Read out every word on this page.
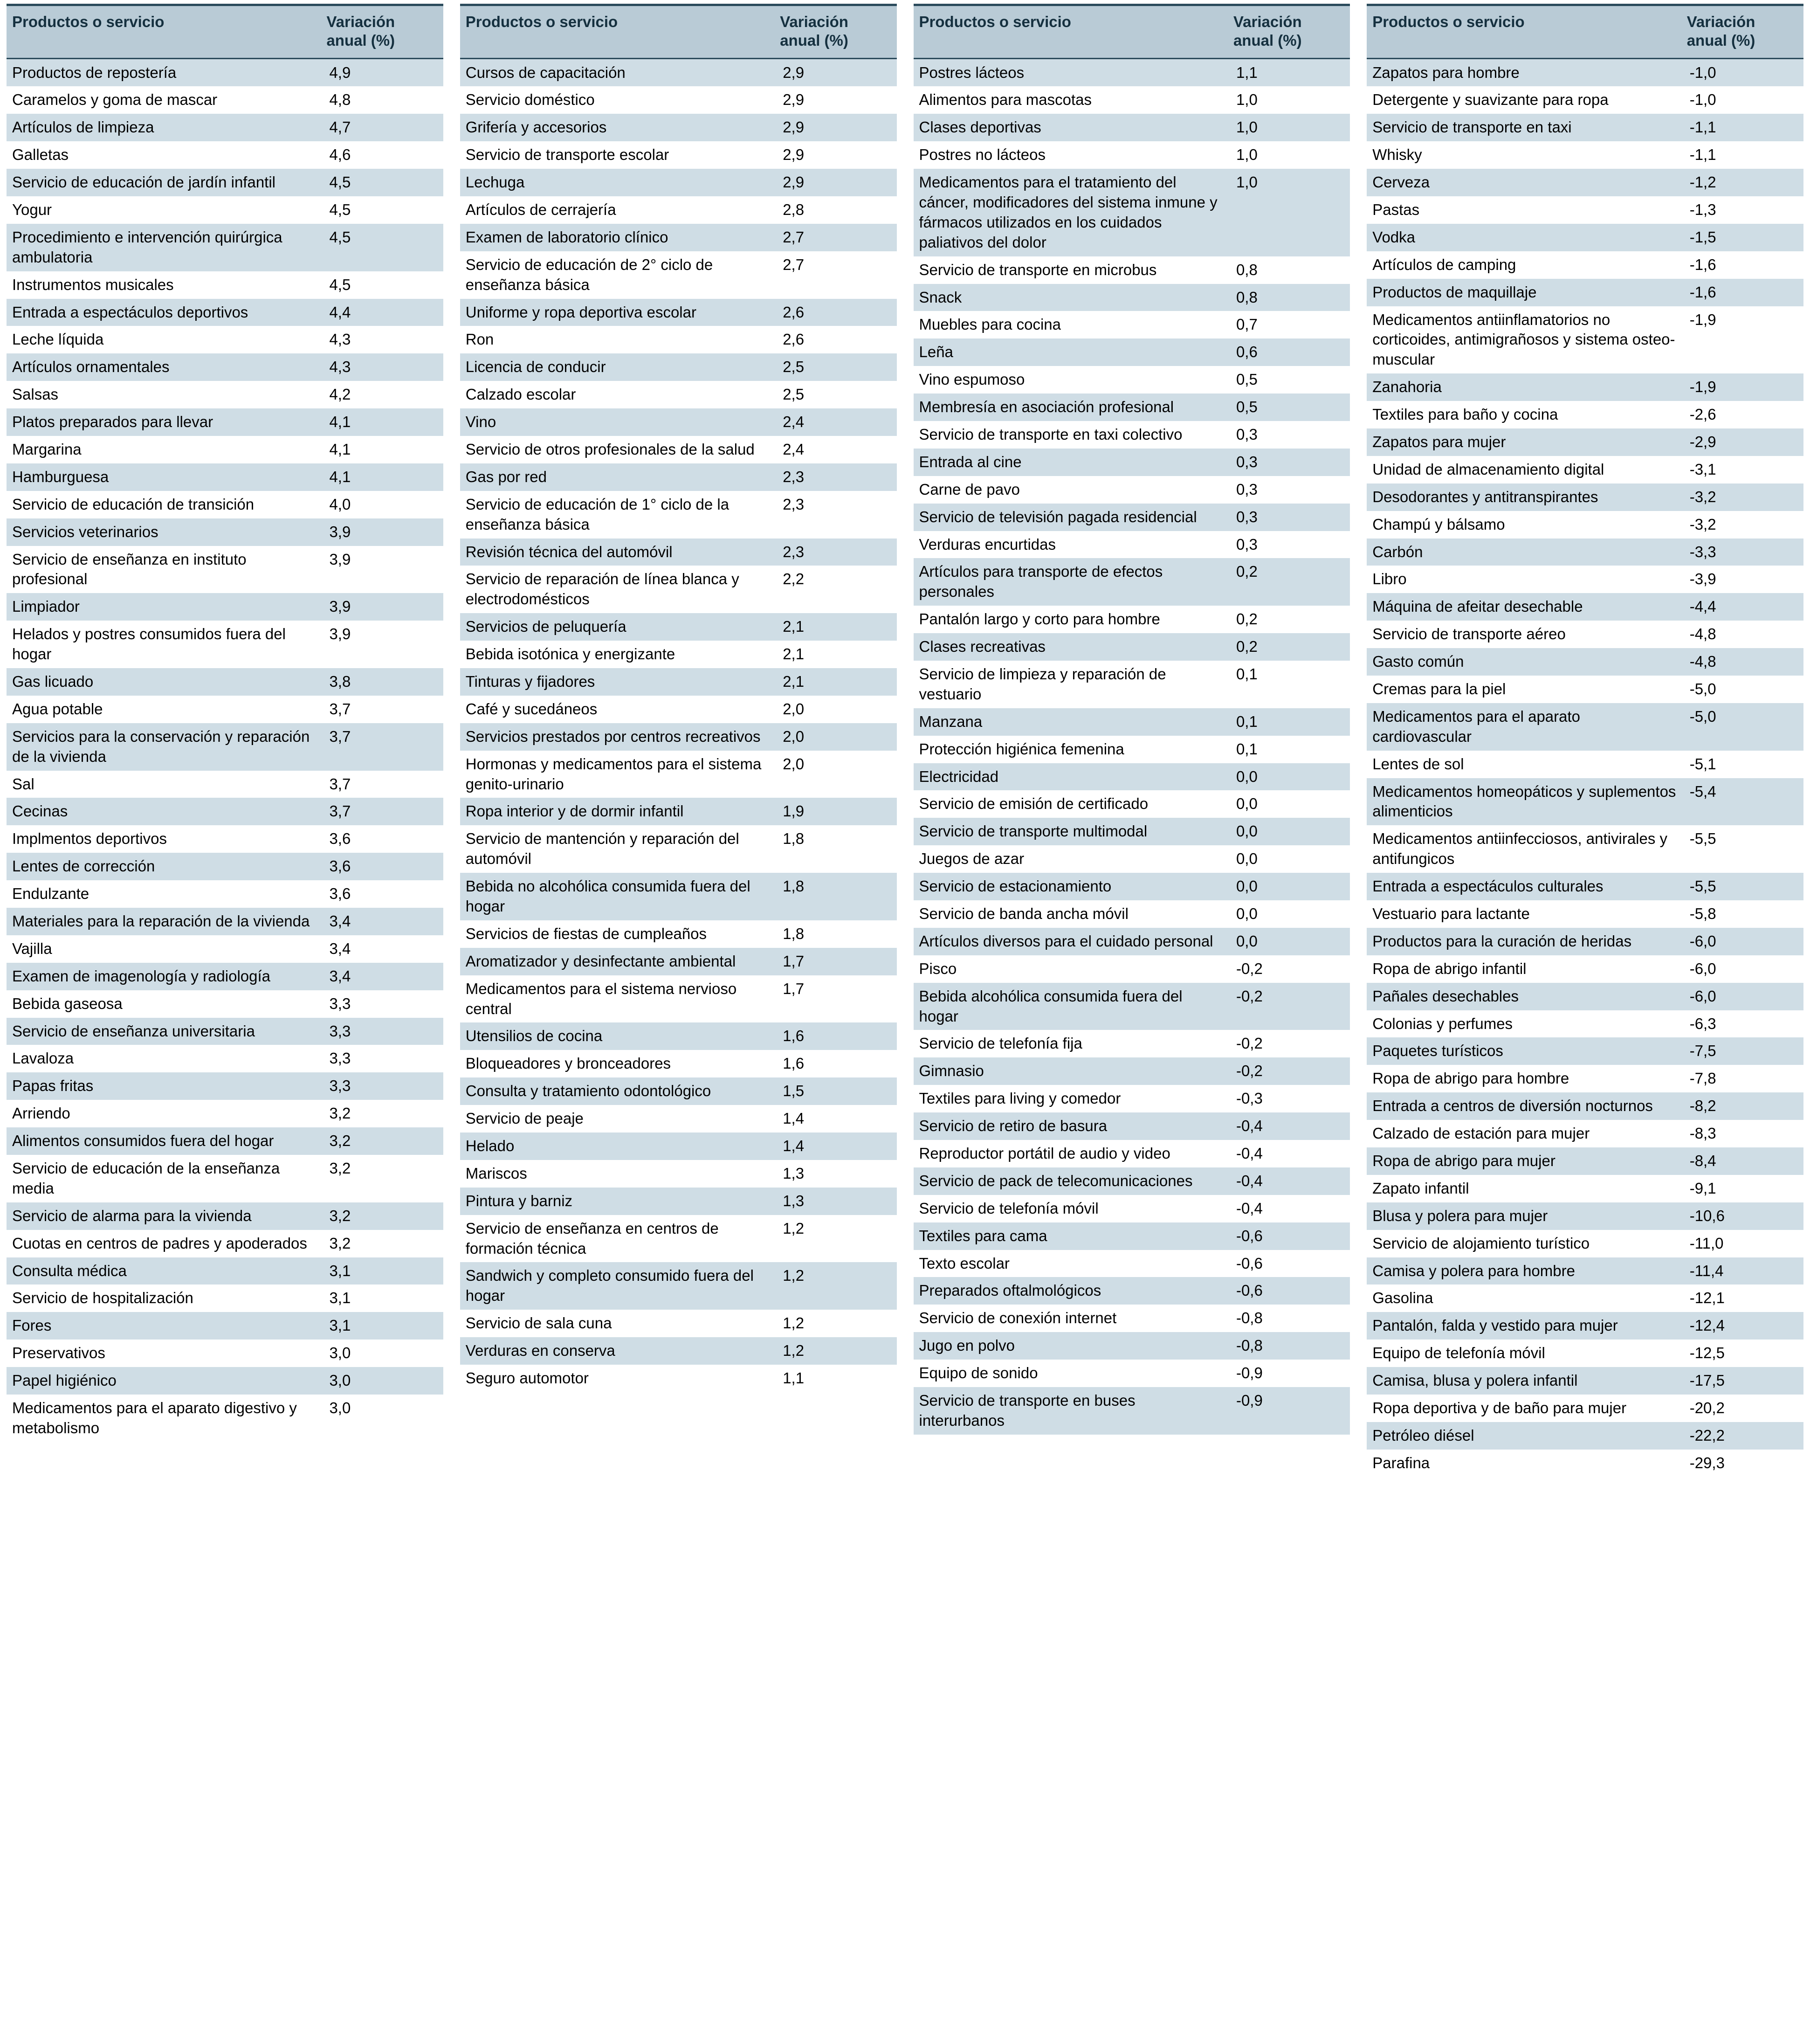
Productos o servicio	Variación anual (%)
Productos de repostería	4,9
Caramelos y goma de mascar	4,8
Artículos de limpieza	4,7
Galletas	4,6
Servicio de educación de jardín infantil	4,5
Yogur	4,5
Procedimiento e intervención quirúrgica ambulatoria	4,5
Instrumentos musicales	4,5
Entrada a espectáculos deportivos	4,4
Leche líquida	4,3
Artículos ornamentales	4,3
Salsas	4,2
Platos preparados para llevar	4,1
Margarina	4,1
Hamburguesa	4,1
Servicio de educación de transición	4,0
Servicios veterinarios	3,9
Servicio de enseñanza en instituto profesional	3,9
Limpiador	3,9
Helados y postres consumidos fuera del hogar	3,9
Gas licuado	3,8
Agua potable	3,7
Servicios para la conservación y reparación de la vivienda	3,7
Sal	3,7
Cecinas	3,7
Implmentos deportivos	3,6
Lentes de corrección	3,6
Endulzante	3,6
Materiales para la reparación de la vivienda	3,4
Vajilla	3,4
Examen de imagenología y radiología	3,4
Bebida gaseosa	3,3
Servicio de enseñanza universitaria	3,3
Lavaloza	3,3
Papas fritas	3,3
Arriendo	3,2
Alimentos consumidos fuera del hogar	3,2
Servicio de educación de la enseñanza media	3,2
Servicio de alarma para la vivienda	3,2
Cuotas en centros de padres y apoderados	3,2
Consulta médica	3,1
Servicio de hospitalización	3,1
Fores	3,1
Preservativos	3,0
Papel higiénico	3,0
Medicamentos para el aparato digestivo y metabolismo	3,0
Productos o servicio	Variación anual (%)
Cursos de capacitación	2,9
Servicio doméstico	2,9
Grifería y accesorios	2,9
Servicio de transporte escolar	2,9
Lechuga	2,9
Artículos de cerrajería	2,8
Examen de laboratorio clínico	2,7
Servicio de educación de 2° ciclo de enseñanza básica	2,7
Uniforme y ropa deportiva escolar	2,6
Ron	2,6
Licencia de conducir	2,5
Calzado escolar	2,5
Vino	2,4
Servicio de otros profesionales de la salud	2,4
Gas por red	2,3
Servicio de educación de 1° ciclo de la enseñanza básica	2,3
Revisión técnica del automóvil	2,3
Servicio de reparación de línea blanca y electrodomésticos	2,2
Servicios de peluquería	2,1
Bebida isotónica y energizante	2,1
Tinturas y fijadores	2,1
Café y sucedáneos	2,0
Servicios prestados por centros recreativos	2,0
Hormonas y medicamentos para el sistema genito-urinario	2,0
Ropa interior y de dormir infantil	1,9
Servicio de mantención y reparación del automóvil	1,8
Bebida no alcohólica consumida fuera del hogar	1,8
Servicios de fiestas de cumpleaños	1,8
Aromatizador y desinfectante ambiental	1,7
Medicamentos para el sistema nervioso central	1,7
Utensilios de cocina	1,6
Bloqueadores y bronceadores	1,6
Consulta y tratamiento odontológico	1,5
Servicio de peaje	1,4
Helado	1,4
Mariscos	1,3
Pintura y barniz	1,3
Servicio de enseñanza en centros de formación técnica	1,2
Sandwich y completo consumido fuera del hogar	1,2
Servicio de sala cuna	1,2
Verduras en conserva	1,2
Seguro automotor	1,1
Productos o servicio	Variación anual (%)
Postres lácteos	1,1
Alimentos para mascotas	1,0
Clases deportivas	1,0
Postres no lácteos	1,0
Medicamentos para el tratamiento del cáncer, modificadores del sistema inmune y fármacos utilizados en los cuidados paliativos del dolor	1,0
Servicio de transporte en microbus	0,8
Snack	0,8
Muebles para cocina	0,7
Leña	0,6
Vino espumoso	0,5
Membresía en asociación profesional	0,5
Servicio de transporte en taxi colectivo	0,3
Entrada al cine	0,3
Carne de pavo	0,3
Servicio de televisión pagada residencial	0,3
Verduras encurtidas	0,3
Artículos para transporte de efectos personales	0,2
Pantalón largo y corto para hombre	0,2
Clases recreativas	0,2
Servicio de limpieza y reparación de vestuario	0,1
Manzana	0,1
Protección higiénica femenina	0,1
Electricidad	0,0
Servicio de emisión de certificado	0,0
Servicio de transporte multimodal	0,0
Juegos de azar	0,0
Servicio de estacionamiento	0,0
Servicio de banda ancha móvil	0,0
Artículos diversos para el cuidado personal	0,0
Pisco	-0,2
Bebida alcohólica consumida fuera del hogar	-0,2
Servicio de telefonía fija	-0,2
Gimnasio	-0,2
Textiles para living y comedor	-0,3
Servicio de retiro de basura	-0,4
Reproductor portátil de audio y video	-0,4
Servicio de pack de telecomunicaciones	-0,4
Servicio de telefonía móvil	-0,4
Textiles para cama	-0,6
Texto escolar	-0,6
Preparados oftalmológicos	-0,6
Servicio de conexión internet	-0,8
Jugo en polvo	-0,8
Equipo de sonido	-0,9
Servicio de transporte en buses interurbanos	-0,9
Productos o servicio	Variación anual (%)
Zapatos para hombre	-1,0
Detergente y suavizante para ropa	-1,0
Servicio de transporte en taxi	-1,1
Whisky	-1,1
Cerveza	-1,2
Pastas	-1,3
Vodka	-1,5
Artículos de camping	-1,6
Productos de maquillaje	-1,6
Medicamentos antiinflamatorios no corticoides, antimigrañosos y sistema osteo-muscular	-1,9
Zanahoria	-1,9
Textiles para baño y cocina	-2,6
Zapatos para mujer	-2,9
Unidad de almacenamiento digital	-3,1
Desodorantes y antitranspirantes	-3,2
Champú y bálsamo	-3,2
Carbón	-3,3
Libro	-3,9
Máquina de afeitar desechable	-4,4
Servicio de transporte aéreo	-4,8
Gasto común	-4,8
Cremas para la piel	-5,0
Medicamentos para el aparato cardiovascular	-5,0
Lentes de sol	-5,1
Medicamentos homeopáticos y suplementos alimenticios	-5,4
Medicamentos antiinfecciosos, antivirales y antifungicos	-5,5
Entrada a espectáculos culturales	-5,5
Vestuario para lactante	-5,8
Productos para la curación de heridas	-6,0
Ropa de abrigo infantil	-6,0
Pañales desechables	-6,0
Colonias y perfumes	-6,3
Paquetes turísticos	-7,5
Ropa de abrigo para hombre	-7,8
Entrada a centros de diversión nocturnos	-8,2
Calzado de estación para mujer	-8,3
Ropa de abrigo para mujer	-8,4
Zapato infantil	-9,1
Blusa y polera para mujer	-10,6
Servicio de alojamiento turístico	-11,0
Camisa y polera para hombre	-11,4
Gasolina	-12,1
Pantalón, falda y vestido para mujer	-12,4
Equipo de telefonía móvil	-12,5
Camisa, blusa y polera infantil	-17,5
Ropa deportiva y de baño para mujer	-20,2
Petróleo diésel	-22,2
Parafina	-29,3
